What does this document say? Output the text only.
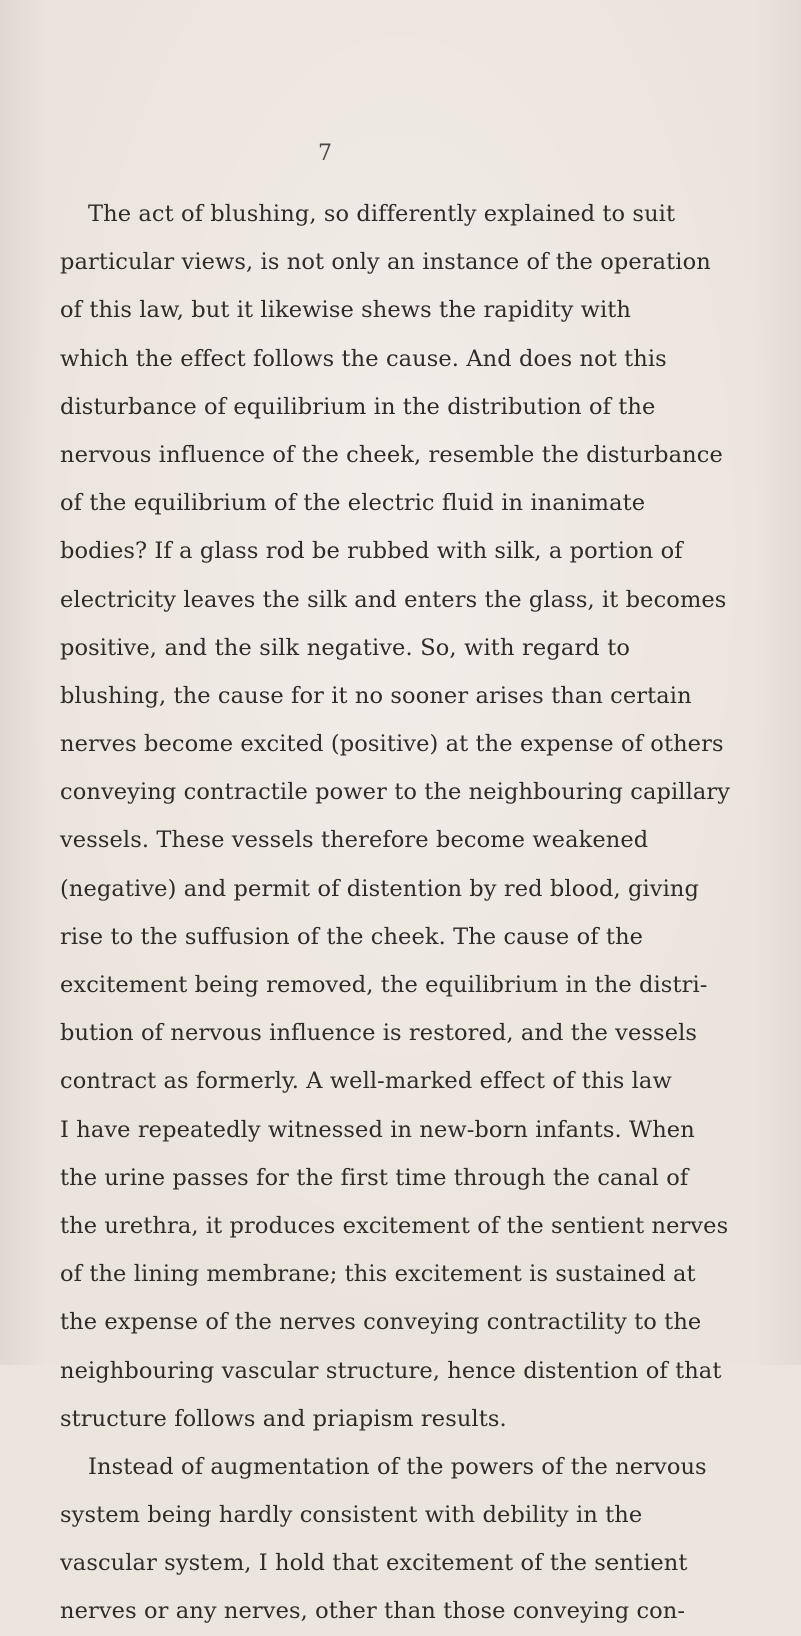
7
The act of blushing, so differently explained to suit
particular views, is not only an instance of the operation
of this law, but it likewise shews the rapidity with
which the effect follows the cause. And does not this
disturbance of equilibrium in the distribution of the
nervous influence of the cheek, resemble the disturbance
of the equilibrium of the electric fluid in inanimate
bodies? If a glass rod be rubbed with silk, a portion of
electricity leaves the silk and enters the glass, it becomes
positive, and the silk negative. So, with regard to
blushing, the cause for it no sooner arises than certain
nerves become excited (positive) at the expense of others
conveying contractile power to the neighbouring capillary
vessels. These vessels therefore become weakened
(negative) and permit of distention by red blood, giving
rise to the suffusion of the cheek. The cause of the
excitement being removed, the equilibrium in the distri-
bution of nervous influence is restored, and the vessels
contract as formerly. A well-marked effect of this law
I have repeatedly witnessed in new-born infants. When
the urine passes for the first time through the canal of
the urethra, it produces excitement of the sentient nerves
of the lining membrane; this excitement is sustained at
the expense of the nerves conveying contractility to the
neighbouring vascular structure, hence distention of that
structure follows and priapism results.
Instead of augmentation of the powers of the nervous
system being hardly consistent with debility in the
vascular system, I hold that excitement of the sentient
nerves or any nerves, other than those conveying con-
